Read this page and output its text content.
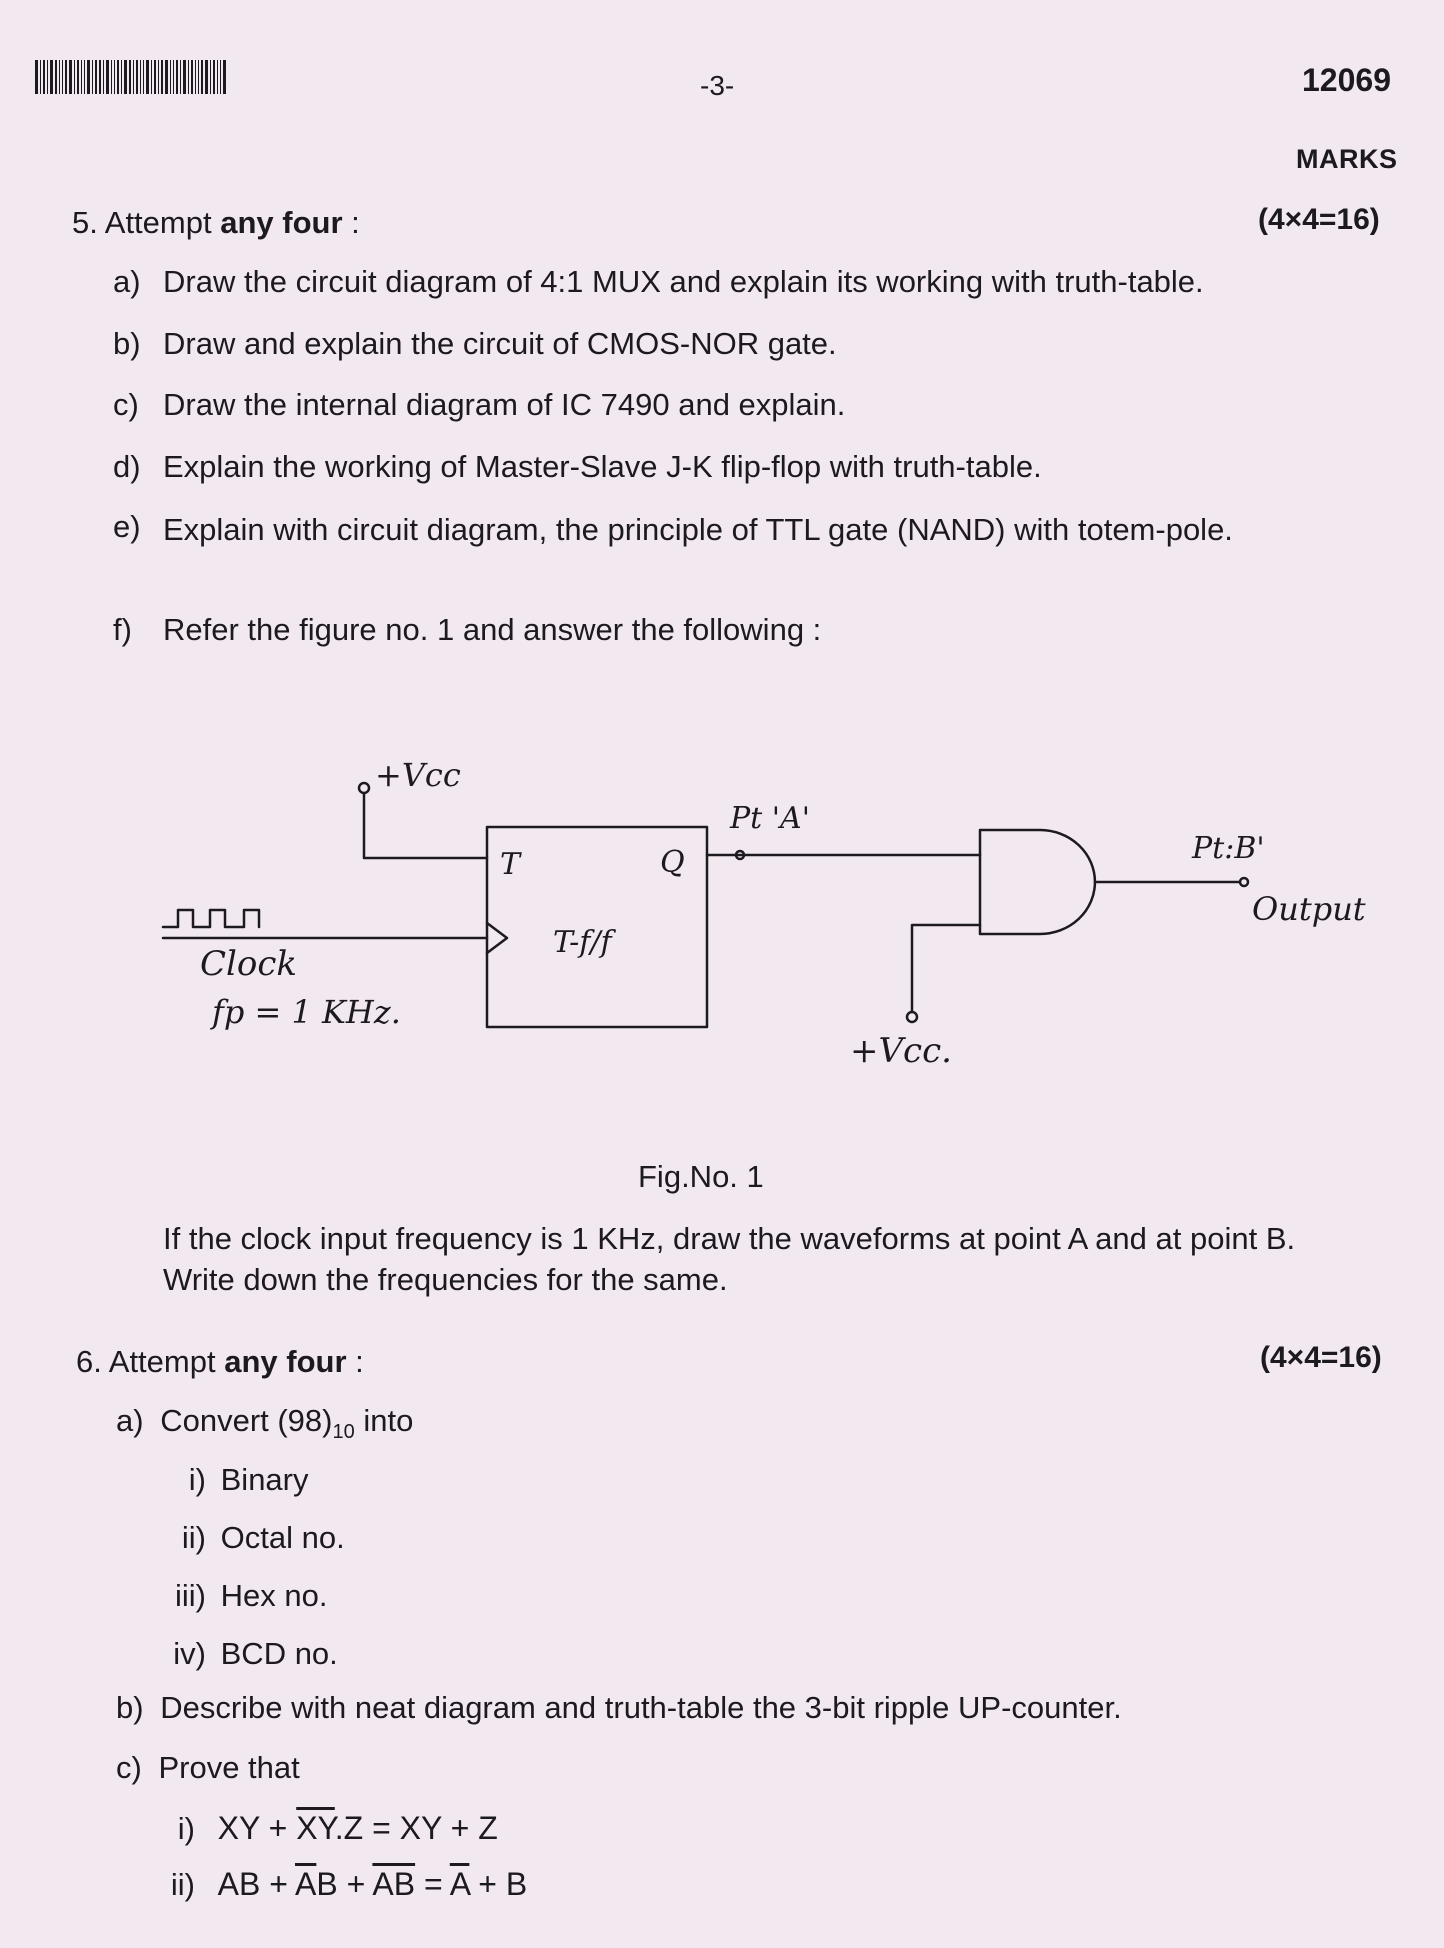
-3-	12069
MARKS
5. Attempt any four :	(4×4=16)
a) Draw the circuit diagram of 4:1 MUX and explain its working with truth-table.
b) Draw and explain the circuit of CMOS-NOR gate.
c) Draw the internal diagram of IC 7490 and explain.
d) Explain the working of Master-Slave J-K flip-flop with truth-table.
e) Explain with circuit diagram, the principle of TTL gate (NAND) with totem-pole.
f) Refer the figure no. 1 and answer the following :
+Vcc
T	Q
T-f/f
Pt 'A'
Pt:B'
Output
Clock
fp = 1 KHz.
+Vcc.
Fig.No. 1
If the clock input frequency is 1 KHz, draw the waveforms at point A and at point B. Write down the frequencies for the same.
6. Attempt any four :	(4×4=16)
a) Convert $(98)_{10}$ into
i) Binary
ii) Octal no.
iii) Hex no.
iv) BCD no.
b) Describe with neat diagram and truth-table the 3-bit ripple UP-counter.
c) Prove that
i) XY + $\overline{XY}.Z$ = XY + Z
ii) AB + $\overline{A}B + \overline{AB} = \overline{A} + B$
